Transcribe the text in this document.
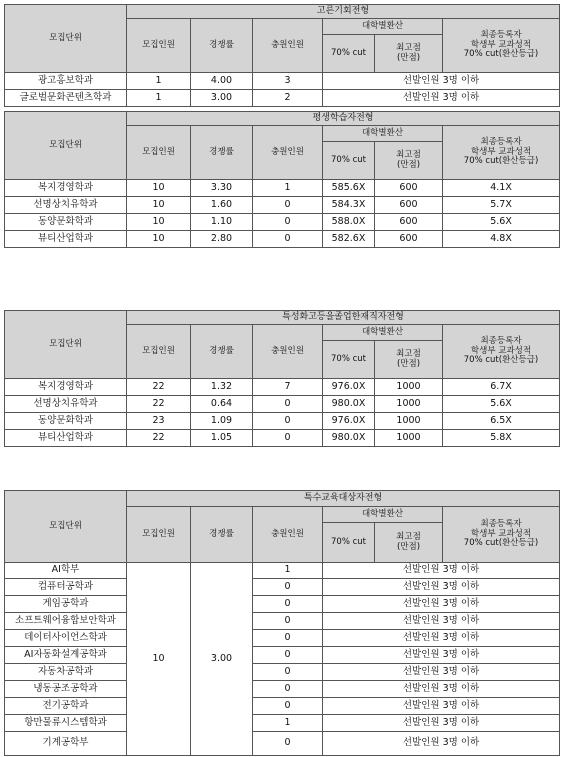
모집단위	고른기회전형					
	모집인원	경쟁률	충원인원	대학별환산		최종등록자
학생부 교과성적
70% cut(환산등급)

				70% cut	최고점
(만점)	

광고홍보학과	1	4.00	3	선발인원 3명 이하		
글로벌문화콘텐츠학과	1	3.00	2	선발인원 3명 이하		
모집단위	평생학습자전형					
	모집인원	경쟁률	충원인원	대학별환산		최종등록자
학생부 교과성적
70% cut(환산등급)

				70% cut	최고점
(만점)	

복지경영학과	10	3.30	1	585.6X	600	4.1X
선명상치유학과	10	1.60	0	584.3X	600	5.7X
동양문화학과	10	1.10	0	588.0X	600	5.6X
뷰티산업학과	10	2.80	0	582.6X	600	4.8X
모집단위	특성화고등을졸업한재직자전형					
	모집인원	경쟁률	충원인원	대학별환산		최종등록자
학생부 교과성적
70% cut(환산등급)

				70% cut	최고점
(만점)	

복지경영학과	22	1.32	7	976.0X	1000	6.7X
선명상치유학과	22	0.64	0	980.0X	1000	5.6X
동양문화학과	23	1.09	0	976.0X	1000	6.5X
뷰티산업학과	22	1.05	0	980.0X	1000	5.8X
모집단위	특수교육대상자전형					
	모집인원	경쟁률	충원인원	대학별환산		최종등록자
학생부 교과성적
70% cut(환산등급)

				70% cut	최고점
(만점)	

AI학부	10	3.00	1	선발인원 3명 이하		
컴퓨터공학과			0	선발인원 3명 이하		
게임공학과			0	선발인원 3명 이하		
소프트웨어융합보안학과			0	선발인원 3명 이하		
데이터사이언스학과			0	선발인원 3명 이하		
AI자동화설계공학과			0	선발인원 3명 이하		
자동차공학과			0	선발인원 3명 이하		
냉동공조공학과			0	선발인원 3명 이하		
전기공학과			0	선발인원 3명 이하		
항만물류시스템학과			1	선발인원 3명 이하		
기계공학부			0	선발인원 3명 이하		
